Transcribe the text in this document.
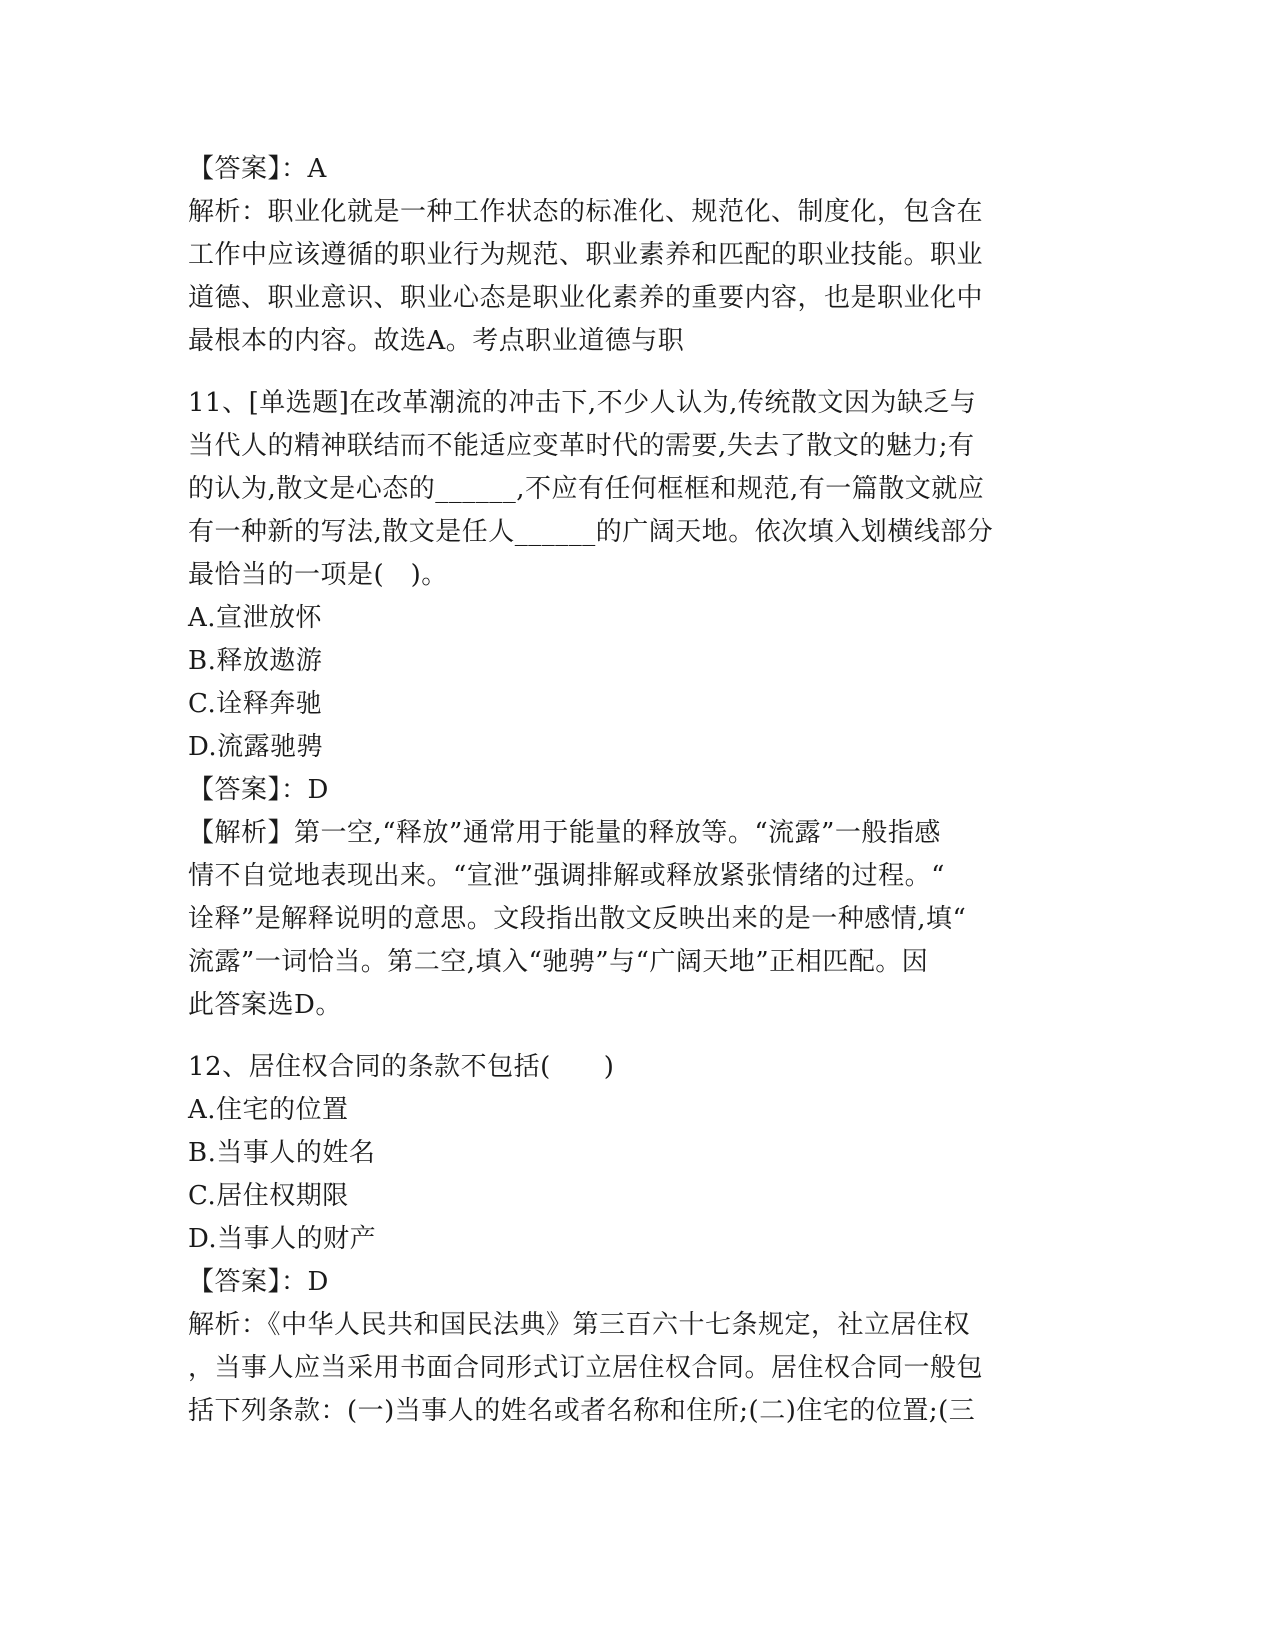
【答案】：A
解析：职业化就是一种工作状态的标准化、规范化、制度化，包含在
工作中应该遵循的职业行为规范、职业素养和匹配的职业技能。职业
道德、职业意识、职业心态是职业化素养的重要内容，也是职业化中
最根本的内容。故选A。考点职业道德与职
11、[单选题]在改革潮流的冲击下,不少人认为,传统散文因为缺乏与
当代人的精神联结而不能适应变革时代的需要,失去了散文的魅力;有
的认为,散文是心态的______,不应有任何框框和规范,有一篇散文就应
有一种新的写法,散文是任人______的广阔天地。依次填入划横线部分
最恰当的一项是(　)。
A.宣泄放怀
B.释放遨游
C.诠释奔驰
D.流露驰骋
【答案】：D
【解析】第一空,“释放”通常用于能量的释放等。“流露”一般指感
情不自觉地表现出来。“宣泄”强调排解或释放紧张情绪的过程。“
诠释”是解释说明的意思。文段指出散文反映出来的是一种感情,填“
流露”一词恰当。第二空,填入“驰骋”与“广阔天地”正相匹配。因
此答案选D。
12、居住权合同的条款不包括(　　)
A.住宅的位置
B.当事人的姓名
C.居住权期限
D.当事人的财产
【答案】：D
解析：《中华人民共和国民法典》第三百六十七条规定，社立居住权
，当事人应当采用书面合同形式订立居住权合同。居住权合同一般包
括下列条款：(一)当事人的姓名或者名称和住所;(二)住宅的位置;(三
